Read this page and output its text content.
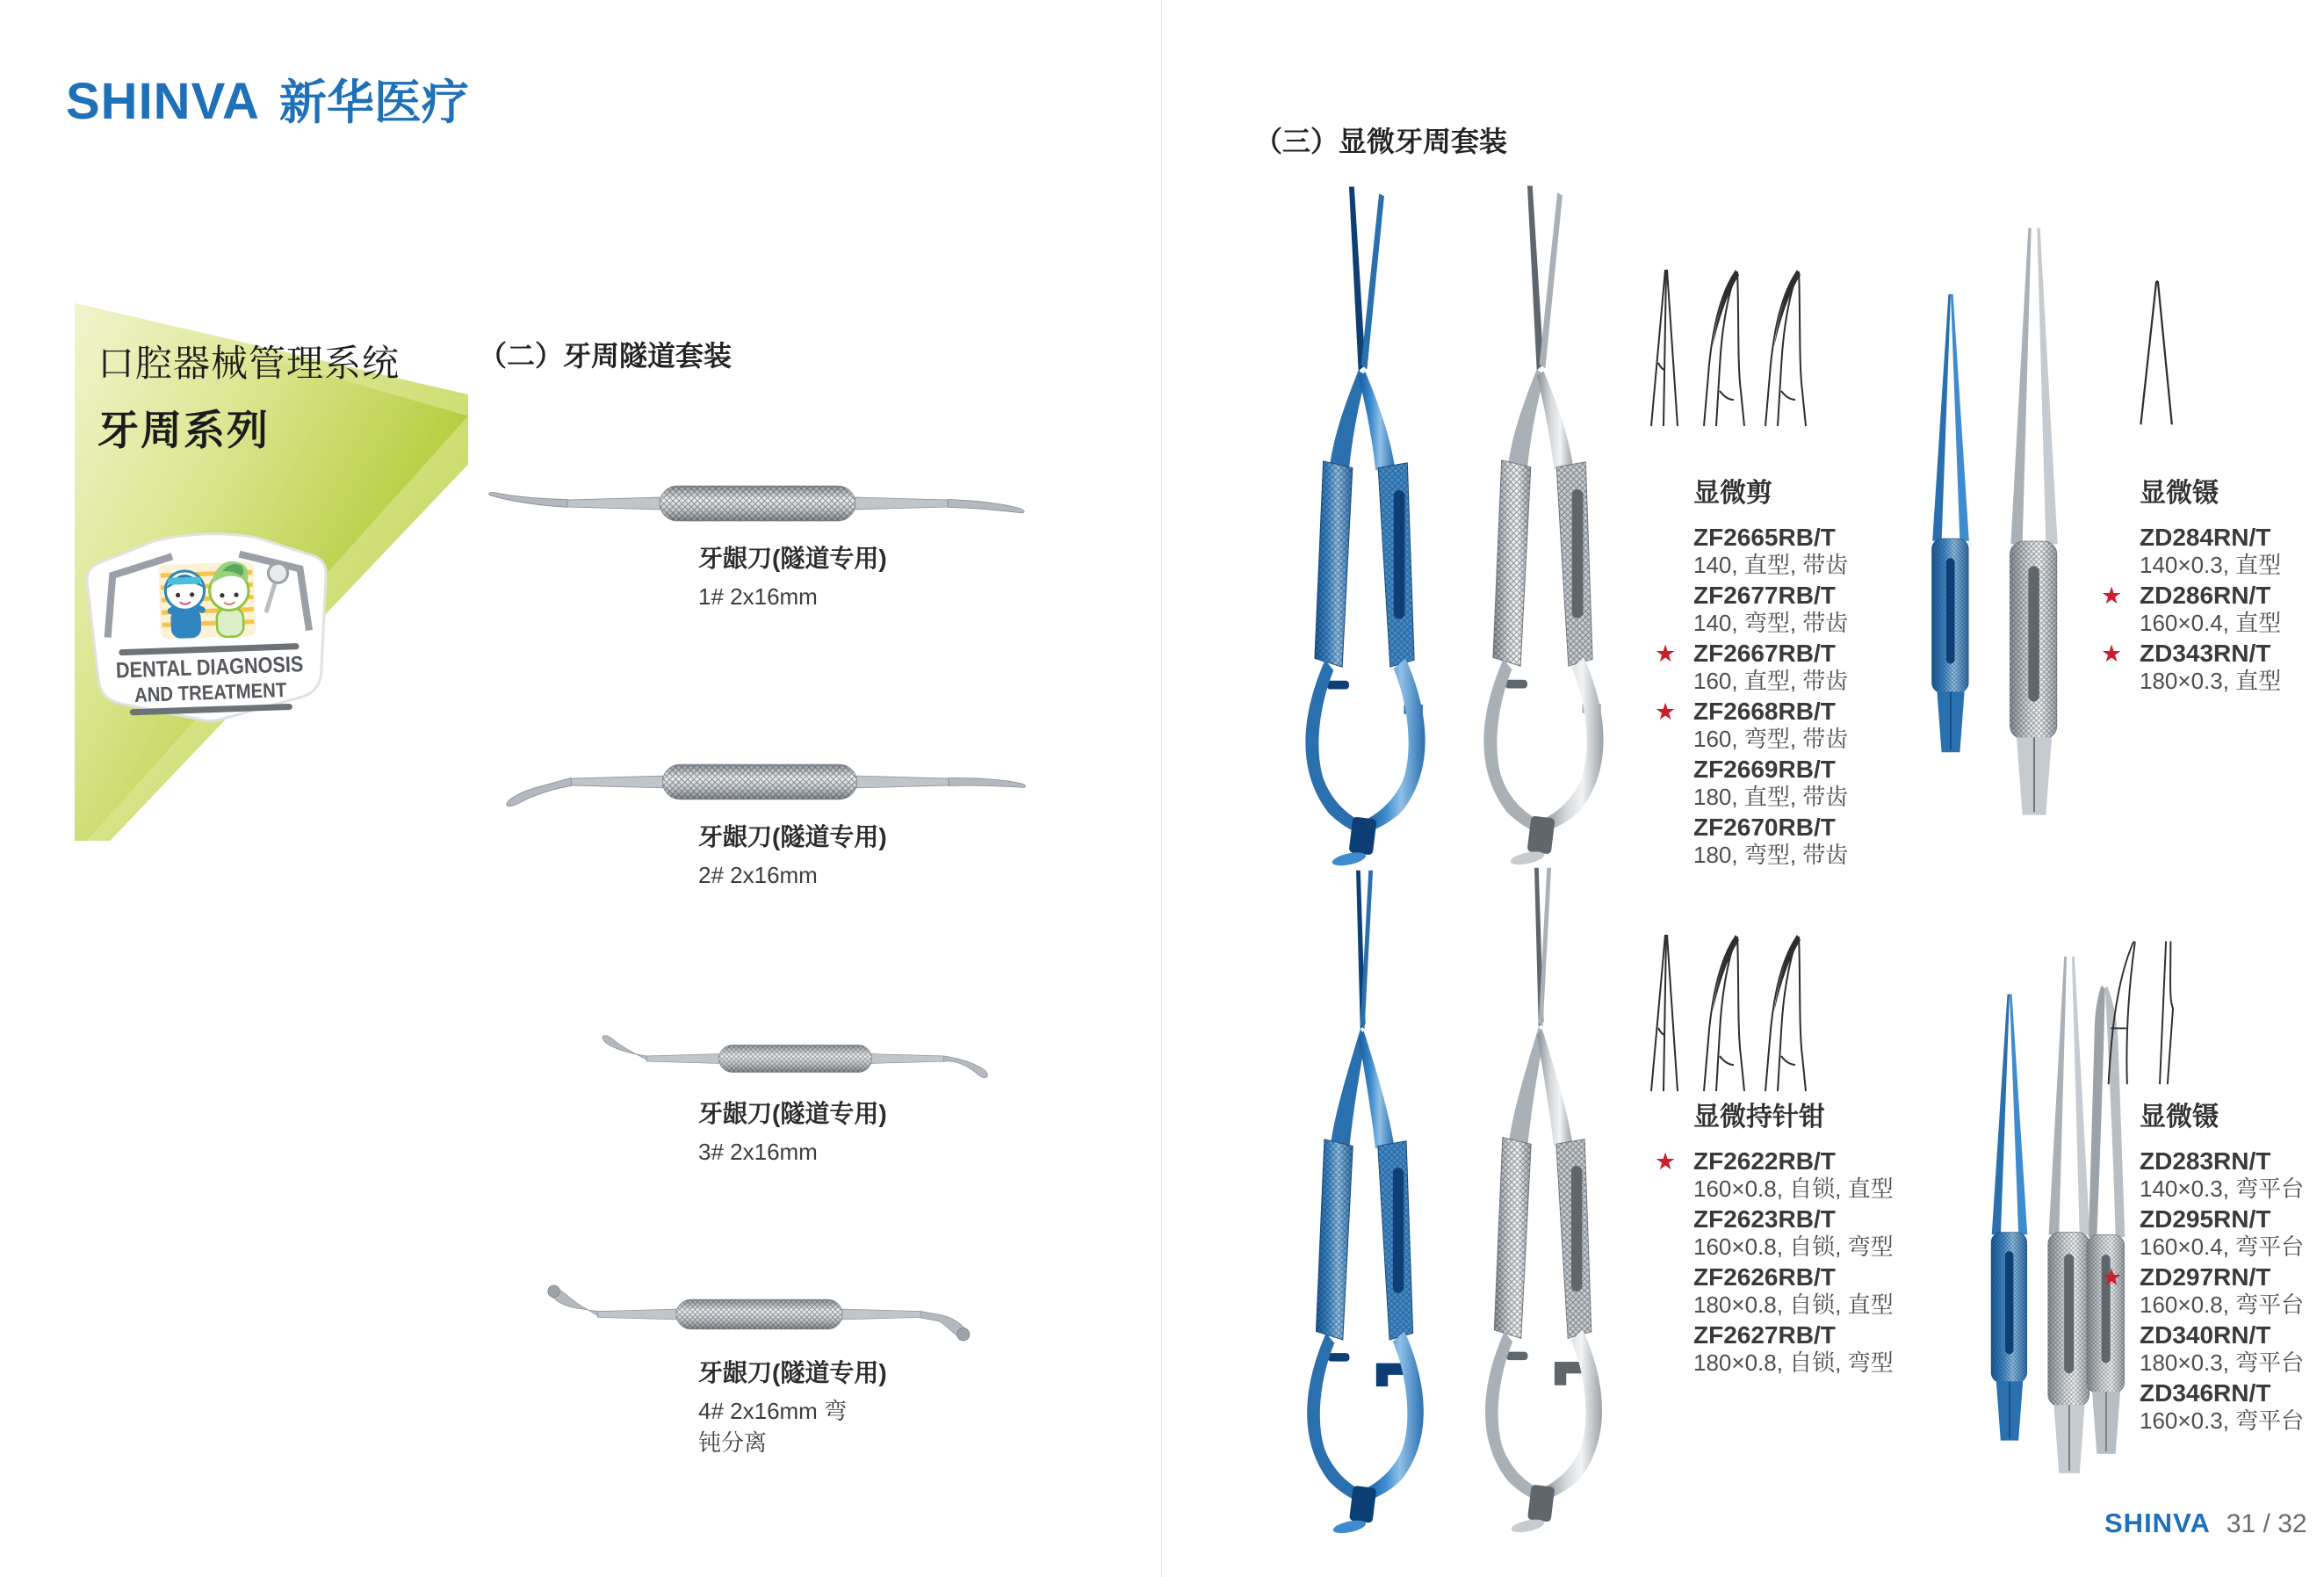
SHINVA 新华医疗
口腔器械管理系统
牙周系列
DENTAL DIAGNOSIS
AND TREATMENT
（二）牙周隧道套装
牙龈刀(隧道专用)
1# 2x16mm
牙龈刀(隧道专用)
2# 2x16mm
牙龈刀(隧道专用)
3# 2x16mm
牙龈刀(隧道专用)
4# 2x16mm 弯
钝分离
（三）显微牙周套装
显微剪
ZF2665RB/T
140, 直型, 带齿
ZF2677RB/T
140, 弯型, 带齿
★ ZF2667RB/T
160, 直型, 带齿
★ ZF2668RB/T
160, 弯型, 带齿
ZF2669RB/T
180, 直型, 带齿
ZF2670RB/T
180, 弯型, 带齿
显微镊
ZD284RN/T
140×0.3, 直型
★ ZD286RN/T
160×0.4, 直型
★ ZD343RN/T
180×0.3, 直型
显微持针钳
★ ZF2622RB/T
160×0.8, 自锁, 直型
ZF2623RB/T
160×0.8, 自锁, 弯型
ZF2626RB/T
180×0.8, 自锁, 直型
ZF2627RB/T
180×0.8, 自锁, 弯型
显微镊
ZD283RN/T
140×0.3, 弯平台
ZD295RN/T
160×0.4, 弯平台
★ ZD297RN/T
160×0.8, 弯平台
ZD340RN/T
180×0.3, 弯平台
ZD346RN/T
160×0.3, 弯平台
SHINVA 31 / 32
